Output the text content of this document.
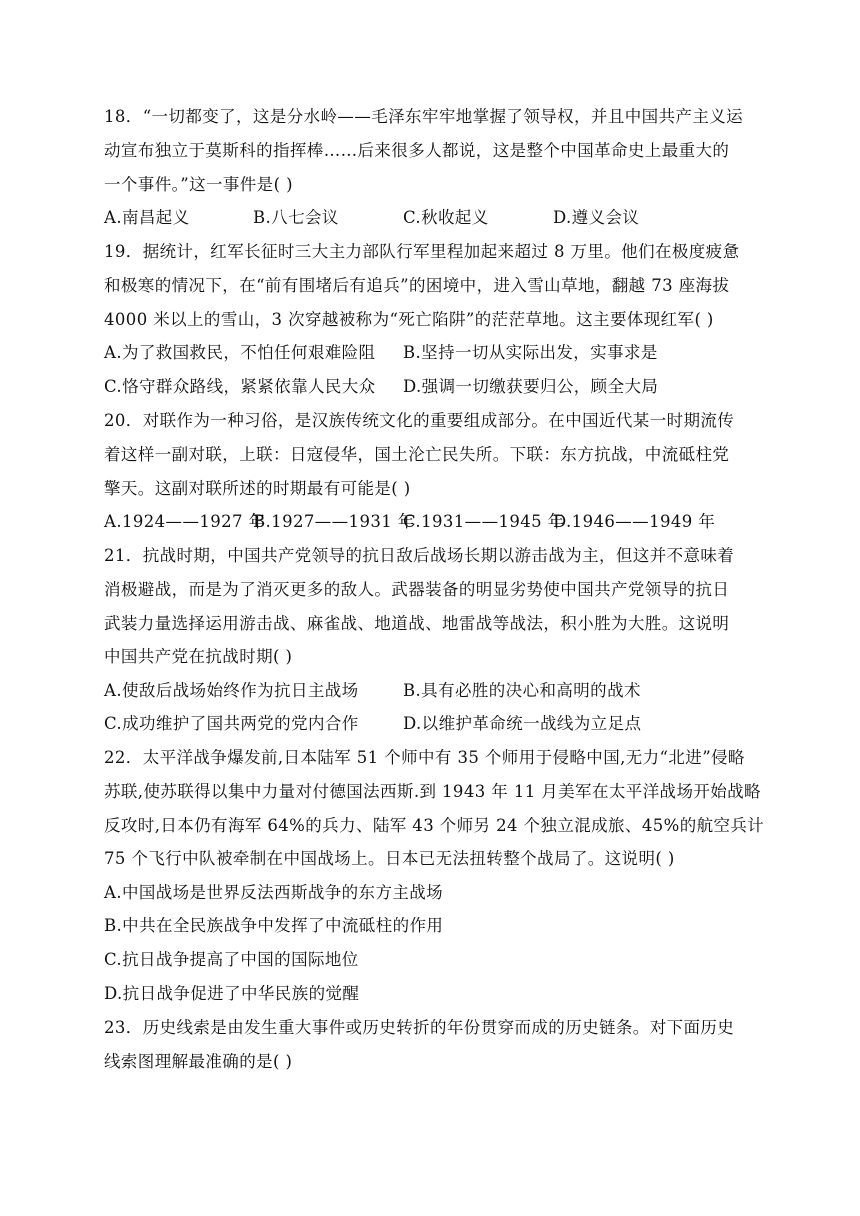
18．“一切都变了，这是分水岭——毛泽东牢牢地掌握了领导权，并且中国共产主义运
动宣布独立于莫斯科的指挥棒……后来很多人都说，这是整个中国革命史上最重大的
一个事件。”这一事件是( )
A.南昌起义	B.八七会议	C.秋收起义	D.遵义会议
19．据统计，红军长征时三大主力部队行军里程加起来超过 8 万里。他们在极度疲惫
和极寒的情况下，在“前有围堵后有追兵”的困境中，进入雪山草地，翻越 73 座海拔
4000 米以上的雪山，3 次穿越被称为“死亡陷阱”的茫茫草地。这主要体现红军( )
A.为了救国救民，不怕任何艰难险阻 B.坚持一切从实际出发，实事求是
C.恪守群众路线，紧紧依靠人民大众 D.强调一切缴获要归公，顾全大局
20．对联作为一种习俗，是汉族传统文化的重要组成部分。在中国近代某一时期流传
着这样一副对联，上联：日寇侵华，国土沦亡民失所。下联：东方抗战，中流砥柱党
擎天。这副对联所述的时期最有可能是( )
A.1924——1927 年
B.1927——1931 年
C.1931——1945 年
D.1946——1949 年
21．抗战时期，中国共产党领导的抗日敌后战场长期以游击战为主，但这并不意味着
消极避战，而是为了消灭更多的敌人。武器装备的明显劣势使中国共产党领导的抗日
武装力量选择运用游击战、麻雀战、地道战、地雷战等战法，积小胜为大胜。这说明
中国共产党在抗战时期( )
A.使敌后战场始终作为抗日主战场	B.具有必胜的决心和高明的战术
C.成功维护了国共两党的党内合作	D.以维护革命统一战线为立足点
22．太平洋战争爆发前,日本陆军 51 个师中有 35 个师用于侵略中国,无力“北进”侵略
苏联,使苏联得以集中力量对付德国法西斯.到 1943 年 11 月美军在太平洋战场开始战略
反攻时,日本仍有海军 64%的兵力、陆军 43 个师另 24 个独立混成旅、45%的航空兵计
75 个飞行中队被牵制在中国战场上。日本已无法扭转整个战局了。这说明( )
A.中国战场是世界反法西斯战争的东方主战场
B.中共在全民族战争中发挥了中流砥柱的作用
C.抗日战争提高了中国的国际地位
D.抗日战争促进了中华民族的觉醒
23．历史线索是由发生重大事件或历史转折的年份贯穿而成的历史链条。对下面历史
线索图理解最准确的是( )
